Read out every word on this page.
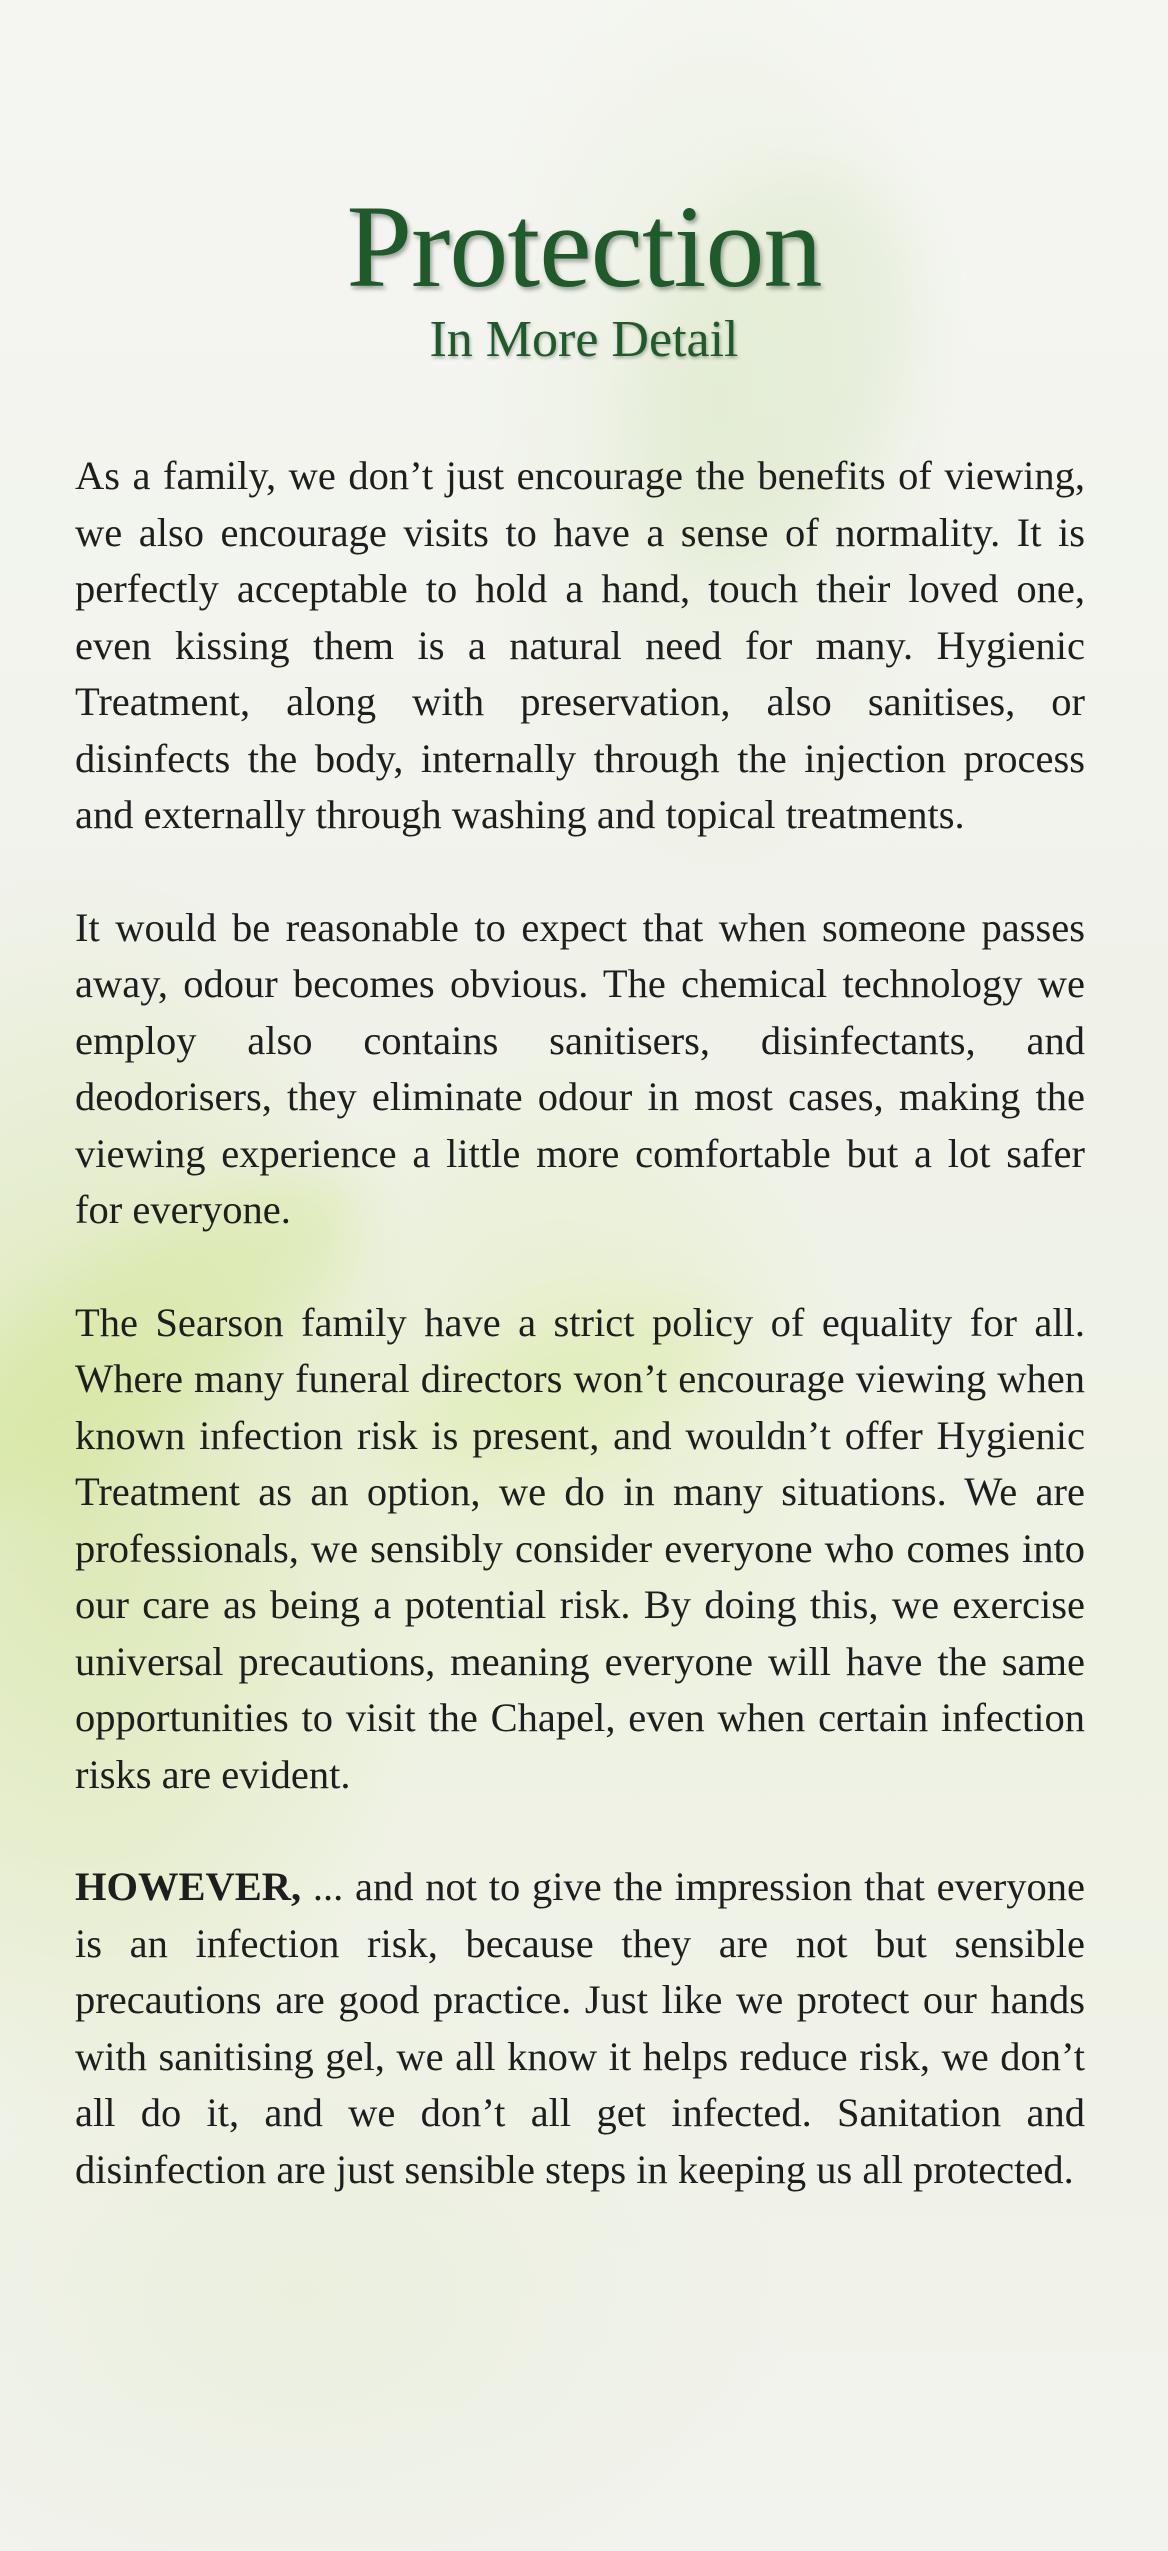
Protection
In More Detail

As a family, we don’t just encourage the benefits of viewing, we also encourage visits to have a sense of normality. It is perfectly acceptable to hold a hand, touch their loved one, even kissing them is a natural need for many. Hygienic Treatment, along with preservation, also sanitises, or disinfects the body, internally through the injection process and externally through washing and topical treatments.

It would be reasonable to expect that when someone passes away, odour becomes obvious. The chemical technology we employ also contains sanitisers, disinfectants, and deodorisers, they eliminate odour in most cases, making the viewing experience a little more comfortable but a lot safer for everyone.

The Searson family have a strict policy of equality for all. Where many funeral directors won’t encourage viewing when known infection risk is present, and wouldn’t offer Hygienic Treatment as an option, we do in many situations. We are professionals, we sensibly consider everyone who comes into our care as being a potential risk. By doing this, we exercise universal precautions, meaning everyone will have the same opportunities to visit the Chapel, even when certain infection risks are evident.

HOWEVER, ... and not to give the impression that everyone is an infection risk, because they are not but sensible precautions are good practice. Just like we protect our hands with sanitising gel, we all know it helps reduce risk, we don’t all do it, and we don’t all get infected. Sanitation and disinfection are just sensible steps in keeping us all protected.
